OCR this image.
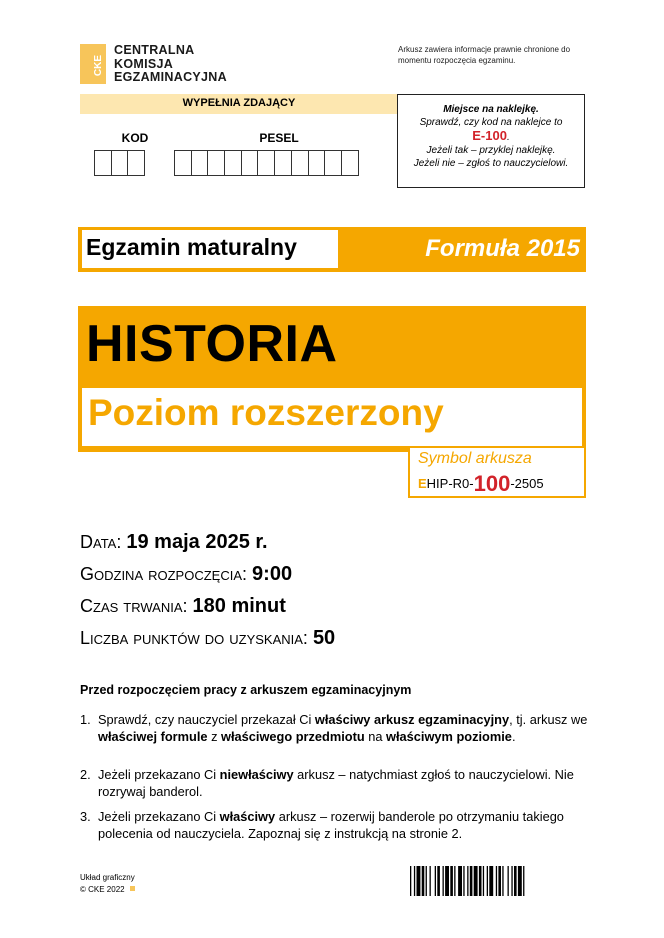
CKE
CENTRALNA
KOMISJA
EGZAMINACYJNA
Arkusz zawiera informacje prawnie chronione do momentu rozpoczęcia egzaminu.
WYPEŁNIA ZDAJĄCY
KOD	PESEL
Miejsce na naklejkę.
Sprawdź, czy kod na naklejce to
E-100.
Jeżeli tak – przyklej naklejkę.
Jeżeli nie – zgłoś to nauczycielowi.
Egzamin maturalny	Formuła 2015
HISTORIA
Poziom rozszerzony
Symbol arkusza
EHIP-R0-100-2505
Data: 19 maja 2025 r.
Godzina rozpoczęcia: 9:00
Czas trwania: 180 minut
Liczba punktów do uzyskania: 50
Przed rozpoczęciem pracy z arkuszem egzaminacyjnym
1. Sprawdź, czy nauczyciel przekazał Ci właściwy arkusz egzaminacyjny, tj. arkusz we właściwej formule z właściwego przedmiotu na właściwym poziomie.
2. Jeżeli przekazano Ci niewłaściwy arkusz – natychmiast zgłoś to nauczycielowi. Nie rozrywaj banderol.
3. Jeżeli przekazano Ci właściwy arkusz – rozerwij banderole po otrzymaniu takiego polecenia od nauczyciela. Zapoznaj się z instrukcją na stronie 2.
Układ graficzny
© CKE 2022
